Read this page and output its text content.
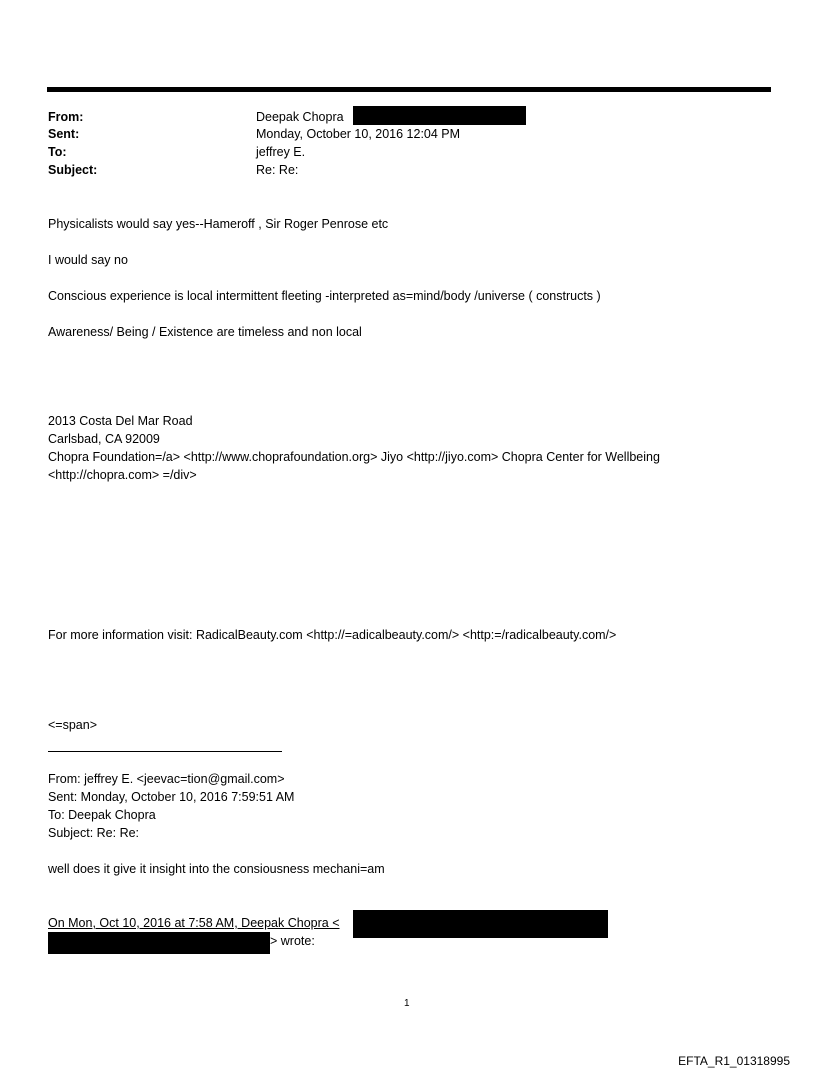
From:	Deepak Chopra
Sent:	Monday, October 10, 2016 12:04 PM
To:	jeffrey E.
Subject:	Re: Re:
Physicalists would say yes--Hameroff , Sir Roger Penrose etc
I would say no
Conscious experience is local intermittent fleeting -interpreted as=mind/body /universe ( constructs )
Awareness/ Being / Existence are timeless and non local
2013 Costa Del Mar Road
Carlsbad, CA 92009
Chopra Foundation=/a> <http://www.choprafoundation.org> Jiyo <http://jiyo.com> Chopra Center for Wellbeing
<http://chopra.com> =/div>
For more information visit: RadicalBeauty.com <http://=adicalbeauty.com/> <http:=/radicalbeauty.com/>
<=span>
From: jeffrey E. <jeevac=tion@gmail.com>
Sent: Monday, October 10, 2016 7:59:51 AM
To: Deepak Chopra
Subject: Re: Re:
well does it give it insight into the consiousness mechani=am
On Mon, Oct 10, 2016 at 7:58 AM, Deepak Chopra <
> wrote:
1
EFTA_R1_01318995
